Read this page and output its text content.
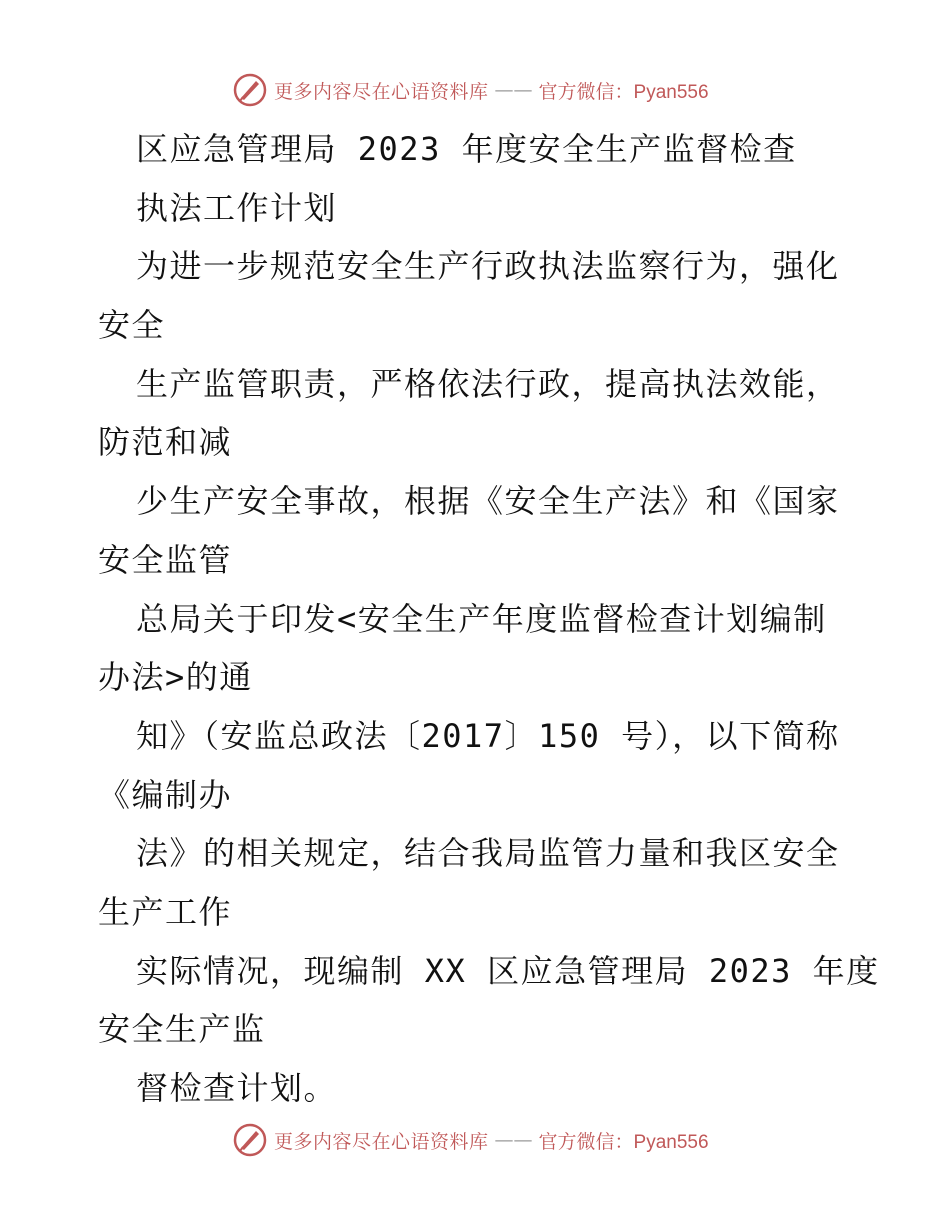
更多内容尽在心语资料库 —— 官方微信：Pyan556
区应急管理局 2023 年度安全生产监督检查
执法工作计划
为进一步规范安全生产行政执法监察行为，强化
安全
生产监管职责，严格依法行政，提高执法效能，
防范和减
少生产安全事故，根据《安全生产法》和《国家
安全监管
总局关于印发<安全生产年度监督检查计划编制
办法>的通
知》（安监总政法〔2017〕150 号），以下简称
《编制办
法》的相关规定，结合我局监管力量和我区安全
生产工作
实际情况，现编制 XX 区应急管理局 2023 年度
安全生产监
督检查计划。
更多内容尽在心语资料库 —— 官方微信：Pyan556
